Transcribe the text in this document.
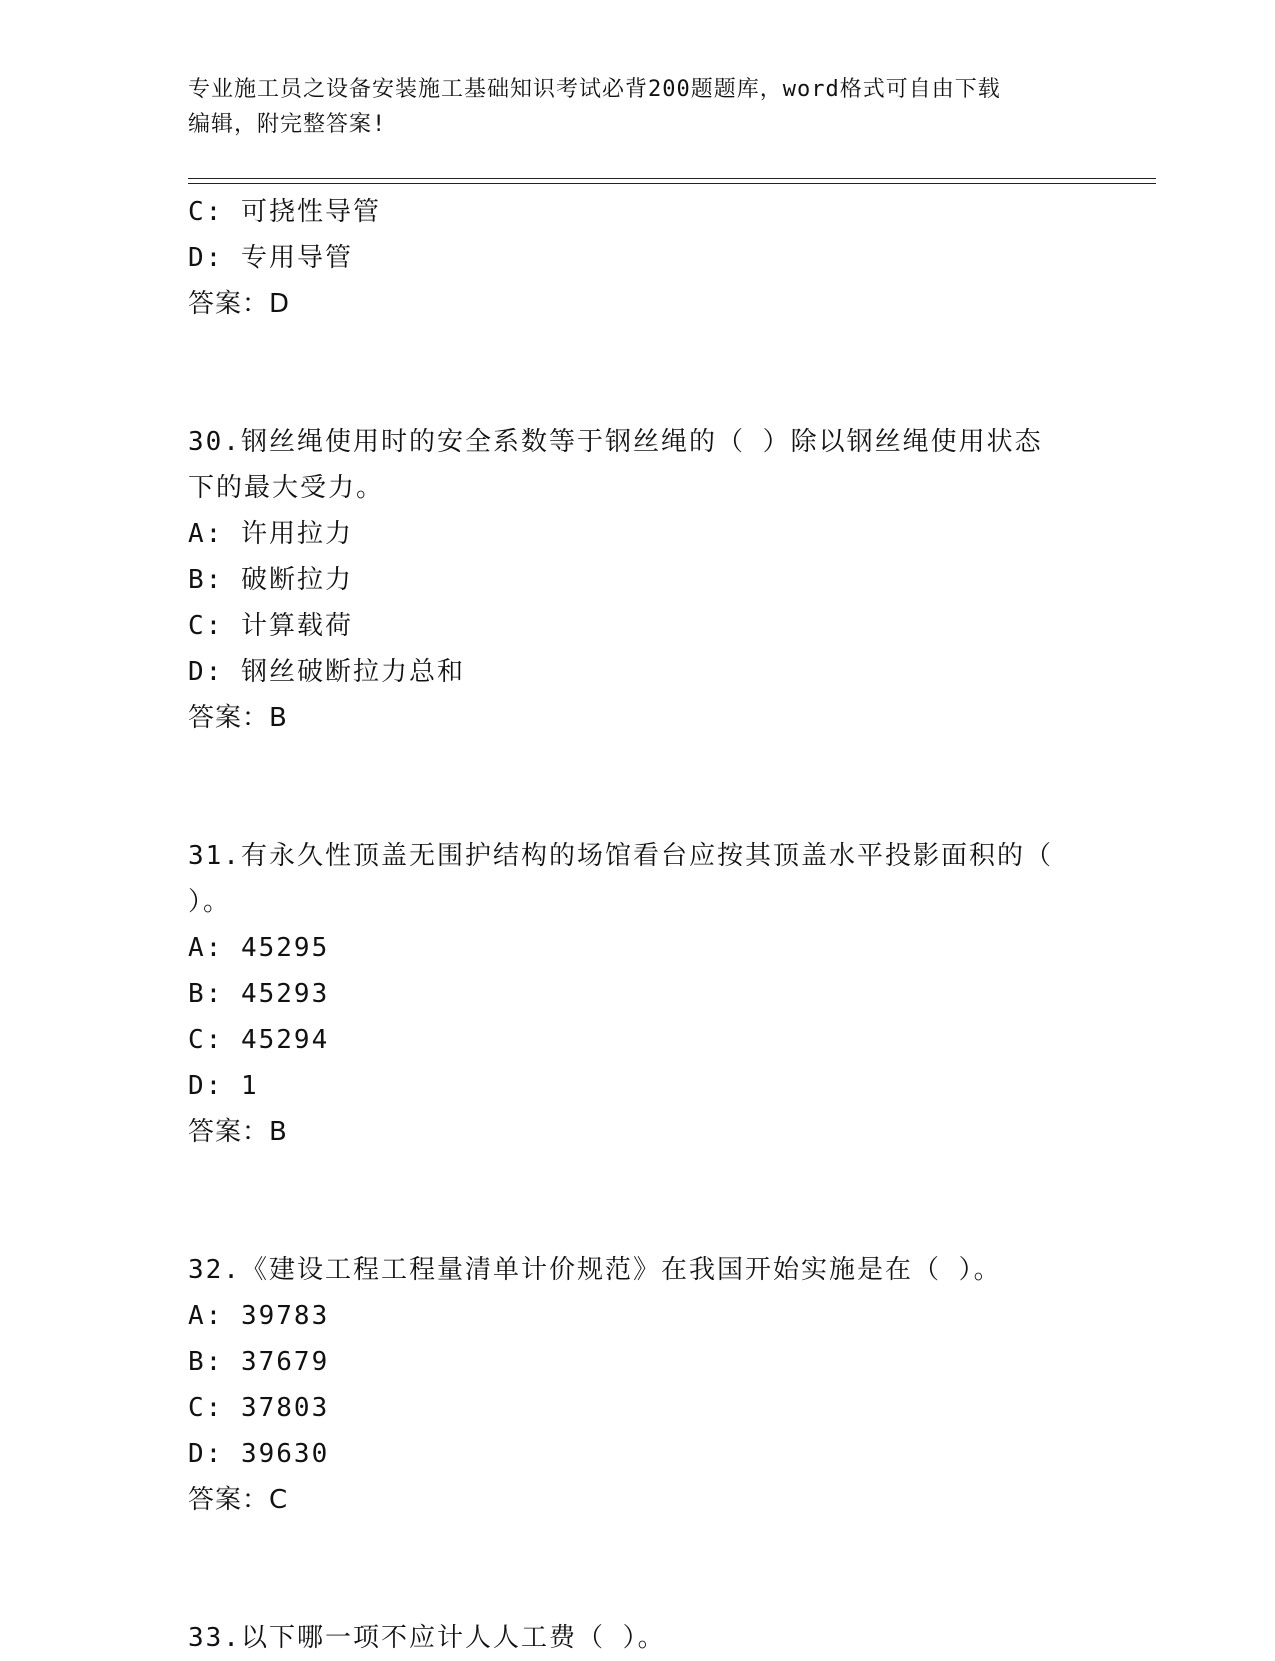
专业施工员之设备安装施工基础知识考试必背200题题库，word格式可自由下载
编辑，附完整答案!
C: 可挠性导管
D: 专用导管
答案：D
30.钢丝绳使用时的安全系数等于钢丝绳的（ ）除以钢丝绳使用状态
下的最大受力。
A: 许用拉力
B: 破断拉力
C: 计算载荷
D: 钢丝破断拉力总和
答案：B
31.有永久性顶盖无围护结构的场馆看台应按其顶盖水平投影面积的（
）。
A: 45295
B: 45293
C: 45294
D: 1
答案：B
32.《建设工程工程量清单计价规范》在我国开始实施是在（ ）。
A: 39783
B: 37679
C: 37803
D: 39630
答案：C
33.以下哪一项不应计人人工费（ ）。
